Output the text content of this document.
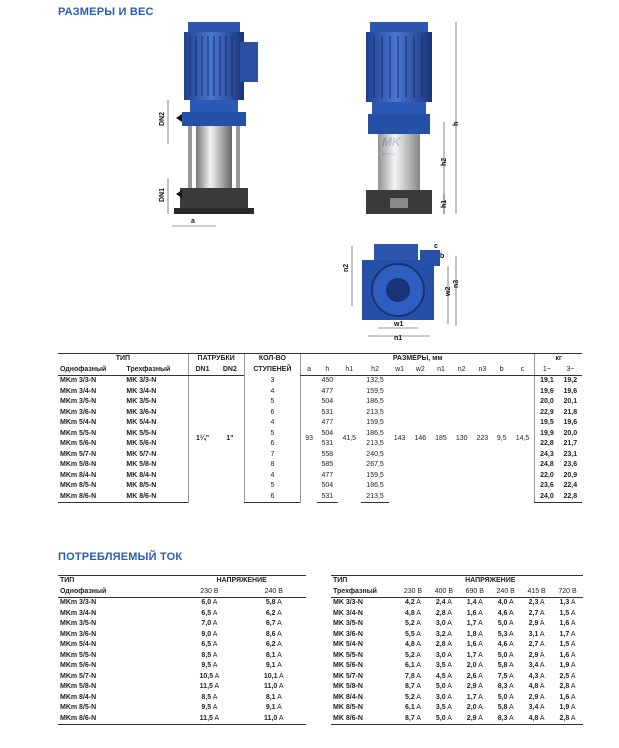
РАЗМЕРЫ И ВЕС
DN2
DN1
a
h
h2
h1
c
b
n2
w2
n3
w1
n1
ТИП		ПАТРУБКИ		КОЛ-ВО
СТУПЕНЕЙ	РАЗМЕРЫ, мм											кг	
Однофазный	Трехфазный	DN1	DN2		a	h	h1	h2	w1	w2	n1	n2	n3	b	c	1~	3~
MKm 3/3-N	MK 3/3-N	1¼"	1"	3	93	450	41,5	132,5	143	146	185	130	223	9,5	14,5	19,1	19,2
MKm 3/4-N	MK 3/4-N			4		477		159,5								19,6	19,6
MKm 3/5-N	MK 3/5-N			5		504		186,5								20,0	20,1
MKm 3/6-N	MK 3/6-N			6		531		213,5								22,9	21,8
MKm 5/4-N	MK 5/4-N			4		477		159,5								19,5	19,6
MKm 5/5-N	MK 5/5-N			5		504		186,5								19,9	20,0
MKm 5/6-N	MK 5/6-N			6		531		213,5								22,8	21,7
MKm 5/7-N	MK 5/7-N			7		558		240,5								24,3	23,1
MKm 5/8-N	MK 5/8-N			8		585		267,5								24,8	23,6
MKm 8/4-N	MK 8/4-N			4		477		159,5								22,0	20,9
MKm 8/5-N	MK 8/5-N			5		504		186,5								23,6	22,4
MKm 8/6-N	MK 8/6-N			6		531		213,5								24,0	22,8
ПОТРЕБЛЯЕМЫЙ ТОК
ТИП	НАПРЯЖЕНИЕ	
Однофазный	230 В	240 В
MKm 3/3-N	6,0 A	5,8 A
MKm 3/4-N	6,5 A	6,2 A
MKm 3/5-N	7,0 A	6,7 A
MKm 3/6-N	9,0 A	8,6 A
MKm 5/4-N	6,5 A	6,2 A
MKm 5/5-N	8,5 A	8,1 A
MKm 5/6-N	9,5 A	9,1 A
MKm 5/7-N	10,5 A	10,1 A
MKm 5/8-N	11,5 A	11,0 A
MKm 8/4-N	8,5 A	8,1 A
MKm 8/5-N	9,5 A	9,1 A
MKm 8/6-N	11,5 A	11,0 A
ТИП	НАПРЯЖЕНИЕ					
Трехфазный	230 В	400 В	690 В	240 В	415 В	720 В
MK 3/3-N	4,2 A	2,4 A	1,4 A	4,0 A	2,3 A	1,3 A
MK 3/4-N	4,8 A	2,8 A	1,6 A	4,6 A	2,7 A	1,5 A
MK 3/5-N	5,2 A	3,0 A	1,7 A	5,0 A	2,9 A	1,6 A
MK 3/6-N	5,5 A	3,2 A	1,8 A	5,3 A	3,1 A	1,7 A
MK 5/4-N	4,8 A	2,8 A	1,6 A	4,6 A	2,7 A	1,5 A
MK 5/5-N	5,2 A	3,0 A	1,7 A	5,0 A	2,9 A	1,6 A
MK 5/6-N	6,1 A	3,5 A	2,0 A	5,8 A	3,4 A	1,9 A
MK 5/7-N	7,8 A	4,5 A	2,6 A	7,5 A	4,3 A	2,5 A
MK 5/8-N	8,7 A	5,0 A	2,9 A	8,3 A	4,8 A	2,8 A
MK 8/4-N	5,2 A	3,0 A	1,7 A	5,0 A	2,9 A	1,6 A
MK 8/5-N	6,1 A	3,5 A	2,0 A	5,8 A	3,4 A	1,9 A
MK 8/6-N	8,7 A	5,0 A	2,9 A	8,3 A	4,8 A	2,8 A
